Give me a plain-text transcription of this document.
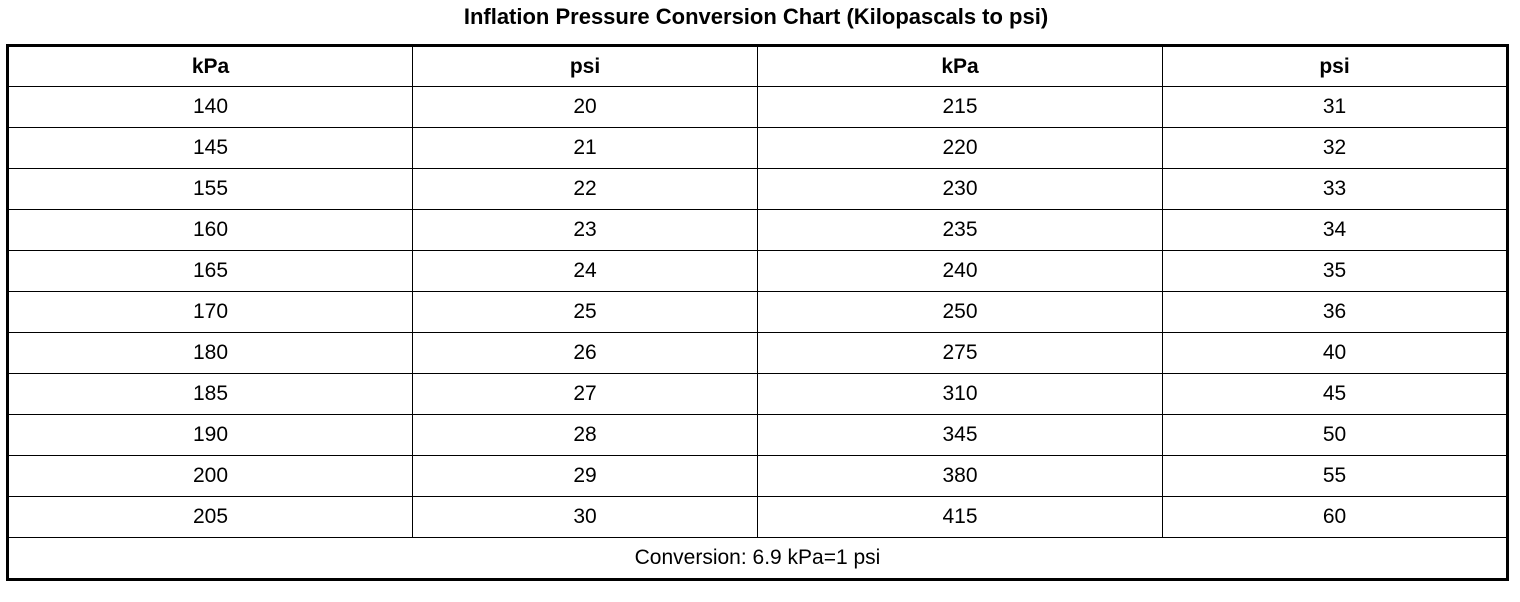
Inflation Pressure Conversion Chart (Kilopascals to psi)
kPa	psi	kPa	psi
140	20	215	31
145	21	220	32
155	22	230	33
160	23	235	34
165	24	240	35
170	25	250	36
180	26	275	40
185	27	310	45
190	28	345	50
200	29	380	55
205	30	415	60
Conversion: 6.9 kPa=1 psi			
